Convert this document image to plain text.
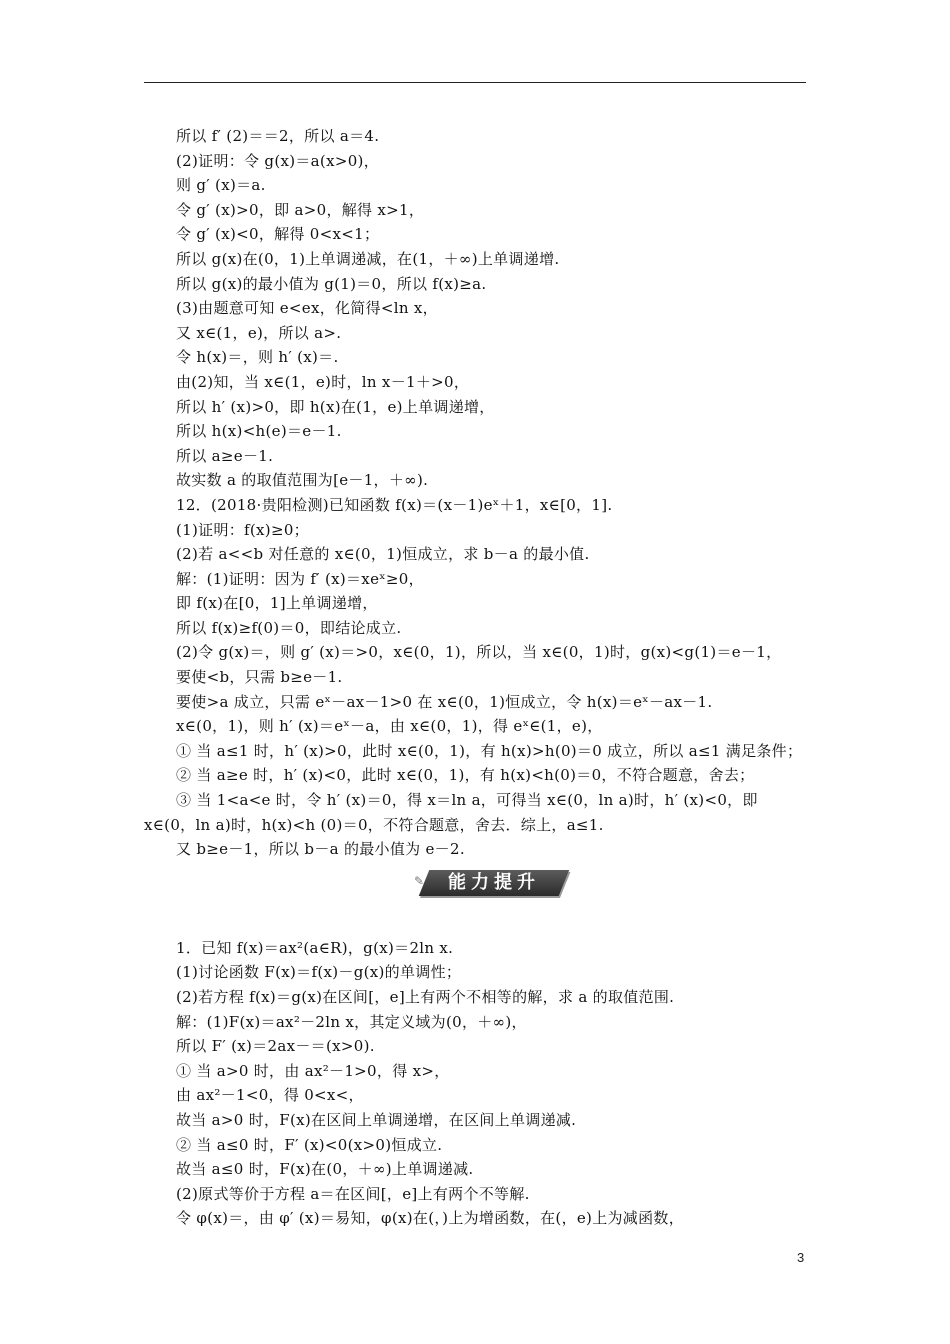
所以 f′ (2)＝＝2，所以 a＝4.
(2)证明：令 g(x)＝a(x>0)，
则 g′ (x)＝a.
令 g′ (x)>0，即 a>0，解得 x>1，
令 g′ (x)<0，解得 0<x<1；
所以 g(x)在(0，1)上单调递减，在(1，＋∞)上单调递增.
所以 g(x)的最小值为 g(1)＝0，所以 f(x)≥a.
(3)由题意可知 e<ex，化简得<ln x，
又 x∈(1，e)，所以 a>.
令 h(x)＝，则 h′ (x)＝.
由(2)知，当 x∈(1，e)时，ln x－1＋>0，
所以 h′ (x)>0，即 h(x)在(1，e)上单调递增，
所以 h(x)<h(e)＝e－1.
所以 a≥e－1.
故实数 a 的取值范围为[e－1，＋∞).
12．(2018·贵阳检测)已知函数 f(x)＝(x－1)eˣ＋1，x∈[0，1].
(1)证明：f(x)≥0；
(2)若 a<<b 对任意的 x∈(0，1)恒成立，求 b－a 的最小值.
解：(1)证明：因为 f′ (x)＝xeˣ≥0，
即 f(x)在[0，1]上单调递增，
所以 f(x)≥f(0)＝0，即结论成立.
(2)令 g(x)＝，则 g′ (x)＝>0，x∈(0，1)，所以，当 x∈(0，1)时，g(x)<g(1)＝e－1，
要使<b，只需 b≥e－1.
要使>a 成立，只需 eˣ－ax－1>0 在 x∈(0，1)恒成立，令 h(x)＝eˣ－ax－1.
x∈(0，1)，则 h′ (x)＝eˣ－a，由 x∈(0，1)，得 eˣ∈(1，e)，
① 当 a≤1 时，h′ (x)>0，此时 x∈(0，1)，有 h(x)>h(0)＝0 成立，所以 a≤1 满足条件；
② 当 a≥e 时，h′ (x)<0，此时 x∈(0，1)，有 h(x)<h(0)＝0，不符合题意，舍去；
③ 当 1<a<e 时，令 h′ (x)＝0，得 x＝ln a，可得当 x∈(0，ln a)时，h′ (x)<0，即
x∈(0，ln a)时，h(x)<h (0)＝0，不符合题意，舍去．综上，a≤1.
又 b≥e－1，所以 b－a 的最小值为 e－2.
1．已知 f(x)＝ax²(a∈R)，g(x)＝2ln x.
(1)讨论函数 F(x)＝f(x)－g(x)的单调性；
(2)若方程 f(x)＝g(x)在区间[，e]上有两个不相等的解，求 a 的取值范围.
解：(1)F(x)＝ax²－2ln x，其定义域为(0，＋∞)，
所以 F′ (x)＝2ax－＝(x>0).
① 当 a>0 时，由 ax²－1>0，得 x>，
由 ax²－1<0，得 0<x<，
故当 a>0 时，F(x)在区间上单调递增，在区间上单调递减.
② 当 a≤0 时，F′ (x)<0(x>0)恒成立.
故当 a≤0 时，F(x)在(0，＋∞)上单调递减.
(2)原式等价于方程 a＝在区间[，e]上有两个不等解.
令 φ(x)＝，由 φ′ (x)＝易知，φ(x)在(，)上为增函数，在(，e)上为减函数，
✎	能力提升
3
